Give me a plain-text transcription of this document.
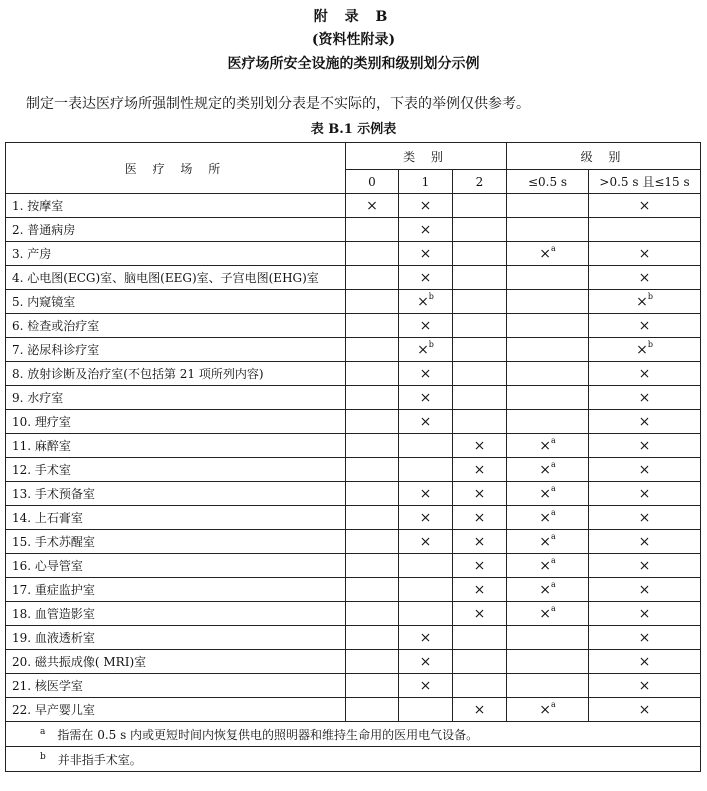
附 录 B
(资料性附录)
医疗场所安全设施的类别和级别划分示例
制定一表达医疗场所强制性规定的类别划分表是不实际的，下表的举例仅供参考。
表 B.1 示例表
医 疗 场 所	类 别			级 别	
	0	1	2	≤0.5 s	>0.5 s 且≤15 s
1. 按摩室	×	×			×
2. 普通病房		×			
3. 产房		×		×$^a$	×
4. 心电图(ECG)室、脑电图(EEG)室、子宫电图(EHG)室		×			×
5. 内窥镜室		×$^b$			×$^b$
6. 检查或治疗室		×			×
7. 泌尿科诊疗室		×$^b$			×$^b$
8. 放射诊断及治疗室(不包括第 21 项所列内容)		×			×
9. 水疗室		×			×
10. 理疗室		×			×
11. 麻醉室			×	×$^a$	×
12. 手术室			×	×$^a$	×
13. 手术预备室		×	×	×$^a$	×
14. 上石膏室		×	×	×$^a$	×
15. 手术苏醒室		×	×	×$^a$	×
16. 心导管室			×	×$^a$	×
17. 重症监护室			×	×$^a$	×
18. 血管造影室			×	×$^a$	×
19. 血液透析室		×			×
20. 磁共振成像( MRI)室		×			×
21. 核医学室		×			×
22. 早产婴儿室			×	×$^a$	×
$^a$ 指需在 0.5 s 内或更短时间内恢复供电的照明器和维持生命用的医用电气设备。					
$^b$ 并非指手术室。					
